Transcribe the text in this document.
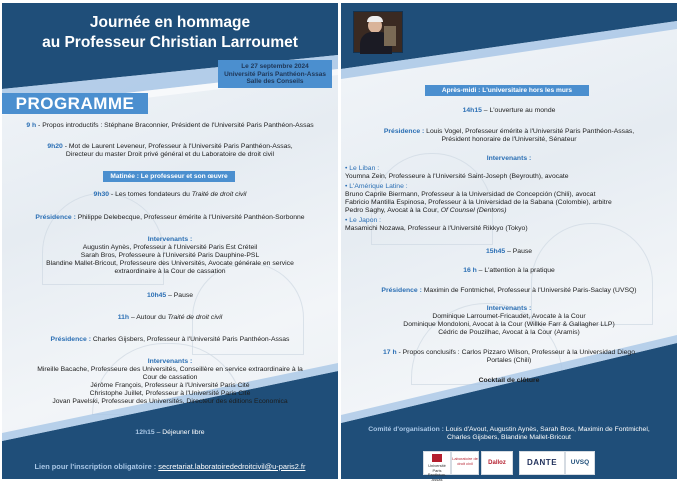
Journée en hommage
au Professeur Christian Larroumet
Le 27 septembre 2024
Université Paris Panthéon-Assas
Salle des Conseils
PROGRAMME
9 h - Propos introductifs : Stéphane Braconnier, Président de l'Université Paris Panthéon-Assas
9h20 - Mot de Laurent Leveneur, Professeur à l'Université Paris Panthéon-Assas,
Directeur du master Droit privé général et du Laboratoire de droit civil
Matinée : Le professeur et son œuvre
9h30 - Les tomes fondateurs du Traité de droit civil
Présidence : Philippe Delebecque, Professeur émérite à l'Université Panthéon-Sorbonne
Intervenants :
Augustin Aynès, Professeur à l'Université Paris Est Créteil
Sarah Bros, Professeure à l'Université Paris Dauphine-PSL
Blandine Mallet-Bricout, Professeure des Universités, Avocate générale en service
extraordinaire à la Cour de cassation
10h45 – Pause
11h – Autour du Traité de droit civil
Présidence : Charles Gijsbers, Professeur à l'Université Paris Panthéon-Assas
Intervenants :
Mireille Bacache, Professeure des Universités, Conseillère en service extraordinaire à la
Cour de cassation
Jérôme François, Professeur à l'Université Paris Cité
Christophe Juillet, Professeur à l'Université Paris Cité
Jovan Pavelski, Professeur des Universités, Directeur des éditions Economica
12h15 – Déjeuner libre
Lien pour l'inscription obligatoire : secretariat.laboratoirededroitcivil@u-paris2.fr
Après-midi : L'universitaire hors les murs
14h15 – L'ouverture au monde
Présidence : Louis Vogel, Professeur émérite à l'Université Paris Panthéon-Assas,
Président honoraire de l'Université, Sénateur
Intervenants :
• Le Liban :
Youmna Zein, Professeure à l'Université Saint-Joseph (Beyrouth), avocate
• L'Amérique Latine :
Bruno Caprile Biermann, Professeur à la Universidad de Concepción (Chili), avocat
Fabricio Mantilla Espinosa, Professeur à la Universidad de la Sabana (Colombie), arbitre
Pedro Saghy, Avocat à la Cour, Of Counsel (Dentons)
• Le Japon :
Masamichi Nozawa, Professeur à l'Université Rikkyo (Tokyo)
15h45 – Pause
16 h – L'attention à la pratique
Présidence : Maximin de Fontmichel, Professeur à l'Université Paris-Saclay (UVSQ)
Intervenants :
Dominique Larroumet-Fricaudet, Avocate à la Cour
Dominique Mondoloni, Avocat à la Cour (Willkie Farr & Gallagher LLP)
Cédric de Pouzilhac, Avocat à la Cour (Aramis)
17 h - Propos conclusifs : Carlos Pizzaro Wilson, Professeur à la Universidad Diego
Portales (Chili)
Cocktail de clôture
Comité d'organisation : Louis d'Avout, Augustin Aynès, Sarah Bros, Maximin de Fontmichel,
Charles Gijsbers, Blandine Mallet-Bricout
Université Paris Panthéon-Assas
Laboratoire de droit civil	Dalloz	DANTE	UVSQ
